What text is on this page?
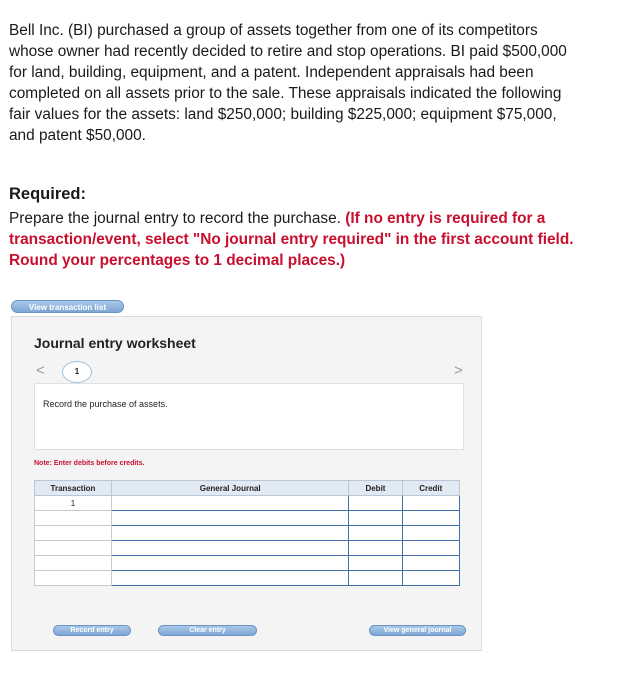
Bell Inc. (BI) purchased a group of assets together from one of its competitors
whose owner had recently decided to retire and stop operations. BI paid $500,000
for land, building, equipment, and a patent. Independent appraisals had been
completed on all assets prior to the sale. These appraisals indicated the following
fair values for the assets: land $250,000; building $225,000; equipment $75,000,
and patent $50,000.

Required:
Prepare the journal entry to record the purchase. (If no entry is required for a transaction/event, select "No journal entry required" in the first account field. Round your percentages to 1 decimal places.)
View transaction list
Journal entry worksheet
<	1	>
Record the purchase of assets.
Note: Enter debits before credits.
Transaction	General Journal	Debit	Credit
1			

Record entry	Clear entry	View general journal
